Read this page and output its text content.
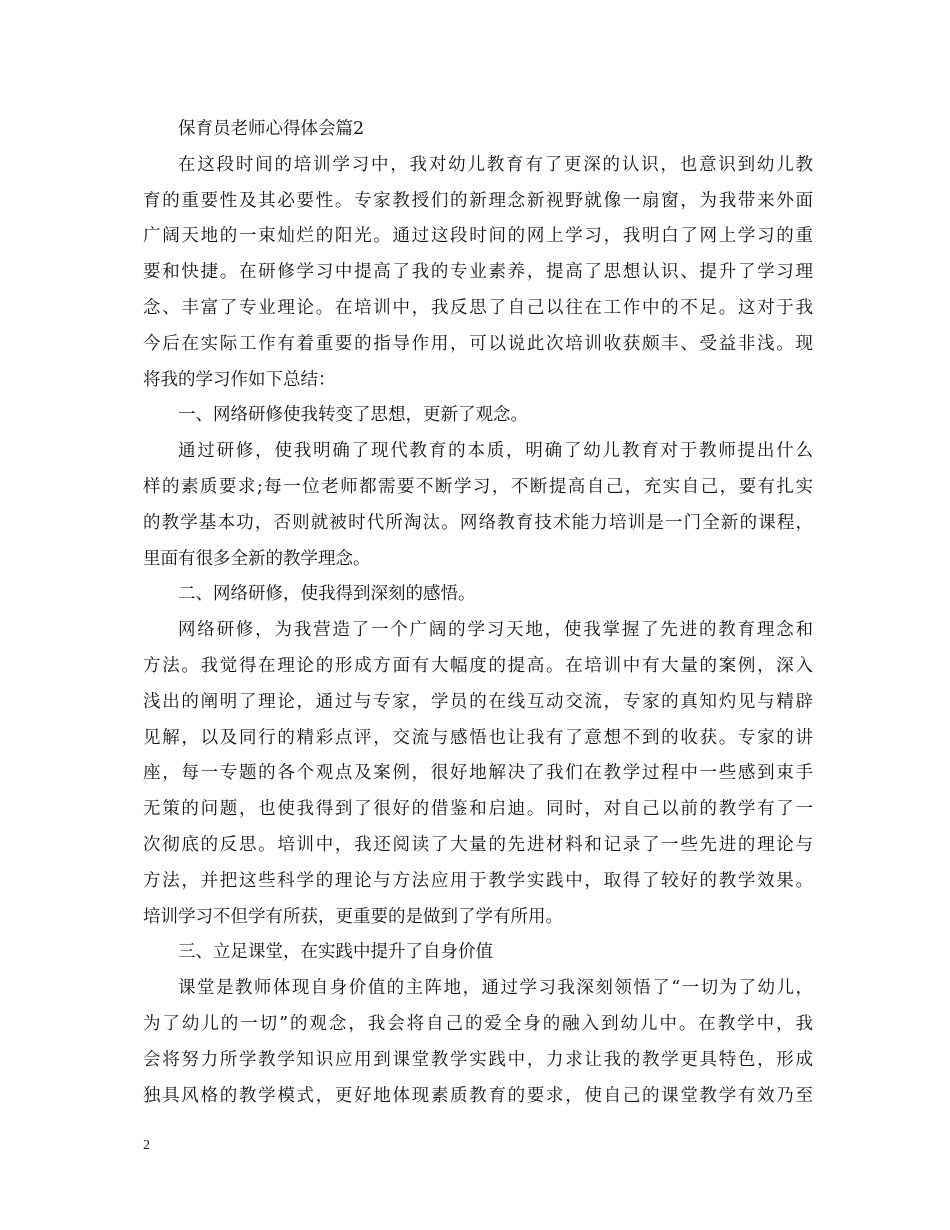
保育员老师心得体会篇2
在这段时间的培训学习中，我对幼儿教育有了更深的认识，也意识到幼儿教
育的重要性及其必要性。专家教授们的新理念新视野就像一扇窗，为我带来外面
广阔天地的一束灿烂的阳光。通过这段时间的网上学习，我明白了网上学习的重
要和快捷。在研修学习中提高了我的专业素养，提高了思想认识、提升了学习理
念、丰富了专业理论。在培训中，我反思了自己以往在工作中的不足。这对于我
今后在实际工作有着重要的指导作用，可以说此次培训收获颇丰、受益非浅。现
将我的学习作如下总结：
一、网络研修使我转变了思想，更新了观念。
通过研修，使我明确了现代教育的本质，明确了幼儿教育对于教师提出什么
样的素质要求;每一位老师都需要不断学习，不断提高自己，充实自己，要有扎实
的教学基本功，否则就被时代所淘汰。网络教育技术能力培训是一门全新的课程，
里面有很多全新的教学理念。
二、网络研修，使我得到深刻的感悟。
网络研修，为我营造了一个广阔的学习天地，使我掌握了先进的教育理念和
方法。我觉得在理论的形成方面有大幅度的提高。在培训中有大量的案例，深入
浅出的阐明了理论，通过与专家，学员的在线互动交流，专家的真知灼见与精辟
见解，以及同行的精彩点评，交流与感悟也让我有了意想不到的收获。专家的讲
座，每一专题的各个观点及案例，很好地解决了我们在教学过程中一些感到束手
无策的问题，也使我得到了很好的借鉴和启迪。同时，对自己以前的教学有了一
次彻底的反思。培训中，我还阅读了大量的先进材料和记录了一些先进的理论与
方法，并把这些科学的理论与方法应用于教学实践中，取得了较好的教学效果。
培训学习不但学有所获，更重要的是做到了学有所用。
三、立足课堂，在实践中提升了自身价值
课堂是教师体现自身价值的主阵地，通过学习我深刻领悟了“一切为了幼儿，
为了幼儿的一切”的观念，我会将自己的爱全身的融入到幼儿中。在教学中，我
会将努力所学教学知识应用到课堂教学实践中，力求让我的教学更具特色，形成
独具风格的教学模式，更好地体现素质教育的要求，使自己的课堂教学有效乃至
2
